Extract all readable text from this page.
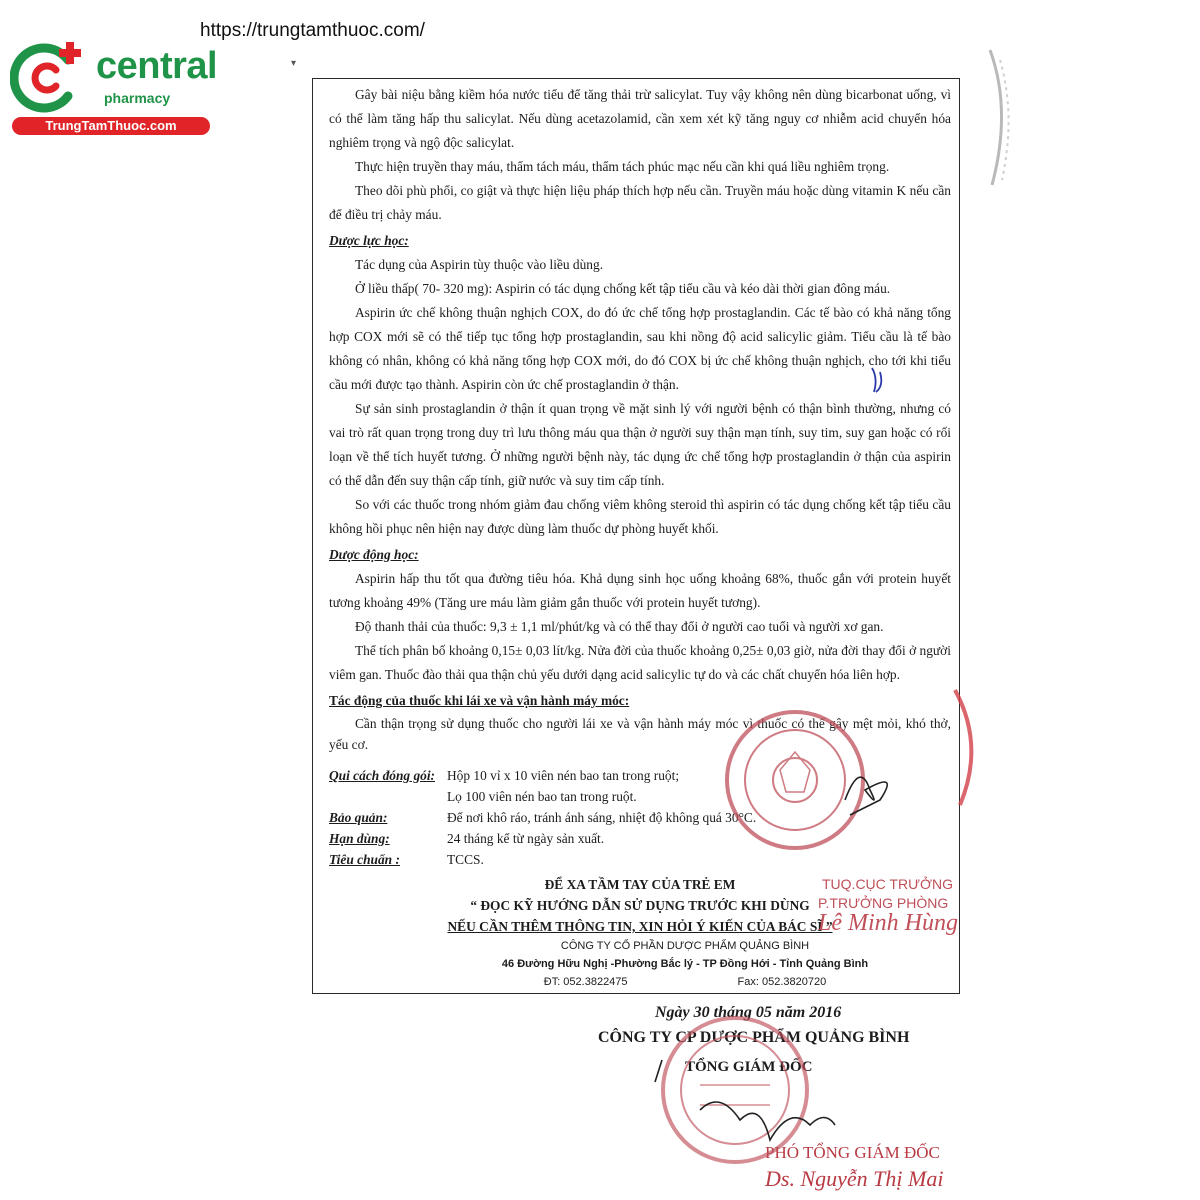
https://trungtamthuoc.com/
central
pharmacy
TrungTamThuoc.com
▾

Gây bài niệu bằng kiềm hóa nước tiểu để tăng thải trừ salicylat. Tuy vậy không nên dùng bicarbonat uống, vì có thể làm tăng hấp thu salicylat. Nếu dùng acetazolamid, cần xem xét kỹ tăng nguy cơ nhiễm acid chuyển hóa nghiêm trọng và ngộ độc salicylat.

Thực hiện truyền thay máu, thẩm tách máu, thẩm tách phúc mạc nếu cần khi quá liều nghiêm trọng.

Theo dõi phù phổi, co giật và thực hiện liệu pháp thích hợp nếu cần. Truyền máu hoặc dùng vitamin K nếu cần để điều trị chảy máu.

Dược lực học:

Tác dụng của Aspirin tùy thuộc vào liều dùng.

Ở liều thấp( 70- 320 mg): Aspirin có tác dụng chống kết tập tiểu cầu và kéo dài thời gian đông máu.

Aspirin ức chế không thuận nghịch COX, do đó ức chế tổng hợp prostaglandin. Các tế bào có khả năng tổng hợp COX mới sẽ có thể tiếp tục tổng hợp prostaglandin, sau khi nồng độ acid salicylic giảm. Tiểu cầu là tế bào không có nhân, không có khả năng tổng hợp COX mới, do đó COX bị ức chế không thuận nghịch, cho tới khi tiểu cầu mới được tạo thành. Aspirin còn ức chế prostaglandin ở thận.

Sự sản sinh prostaglandin ở thận ít quan trọng về mặt sinh lý với người bệnh có thận bình thường, nhưng có vai trò rất quan trọng trong duy trì lưu thông máu qua thận ở người suy thận mạn tính, suy tim, suy gan hoặc có rối loạn về thể tích huyết tương. Ở những người bệnh này, tác dụng ức chế tổng hợp prostaglandin ở thận của aspirin có thể dẫn đến suy thận cấp tính, giữ nước và suy tim cấp tính.

So với các thuốc trong nhóm giảm đau chống viêm không steroid thì aspirin có tác dụng chống kết tập tiểu cầu không hồi phục nên hiện nay được dùng làm thuốc dự phòng huyết khối.

Dược động học:

Aspirin hấp thu tốt qua đường tiêu hóa. Khả dụng sinh học uống khoảng 68%, thuốc gắn với protein huyết tương khoảng 49% (Tăng ure máu làm giảm gắn thuốc với protein huyết tương).

Độ thanh thải của thuốc: 9,3 ± 1,1 ml/phút/kg và có thể thay đổi ở người cao tuổi và người xơ gan.

Thể tích phân bố khoảng 0,15± 0,03 lít/kg. Nửa đời của thuốc khoảng 0,25± 0,03 giờ, nửa đời thay đổi ở người viêm gan. Thuốc đào thải qua thận chủ yếu dưới dạng acid salicylic tự do và các chất chuyển hóa liên hợp.

Tác động của thuốc khi lái xe và vận hành máy móc:

Cần thận trọng sử dụng thuốc cho người lái xe và vận hành máy móc vì thuốc có thể gây mệt mỏi, khó thở, yếu cơ.

Qui cách đóng gói:	Hộp 10 vỉ x 10 viên nén bao tan trong ruột;
	Lọ 100 viên nén bao tan trong ruột.
Bảo quản:	Để nơi khô ráo, tránh ánh sáng, nhiệt độ không quá 30°C.
Hạn dùng:	24 tháng kể từ ngày sản xuất.
Tiêu chuẩn :	TCCS.
ĐỂ XA TẦM TAY CỦA TRẺ EM
“ ĐỌC KỸ HƯỚNG DẪN SỬ DỤNG TRƯỚC KHI DÙNG
NẾU CẦN THÊM THÔNG TIN, XIN HỎI Ý KIẾN CỦA BÁC SĨ ”
CÔNG TY CỔ PHẦN DƯỢC PHẨM QUẢNG BÌNH
46 Đường Hữu Nghị -Phường Bắc lý - TP Đồng Hới - Tỉnh Quảng Bình
ĐT: 052.3822475	Fax: 052.3820720
TUQ.CỤC TRƯỞNG
P.TRƯỞNG PHÒNG
Lê Minh Hùng
Ngày 30 tháng 05 năm 2016
CÔNG TY CP DƯỢC PHẨM QUẢNG BÌNH
TỔNG GIÁM ĐỐC
PHÓ TỔNG GIÁM ĐỐC
Ds. Nguyễn Thị Mai
